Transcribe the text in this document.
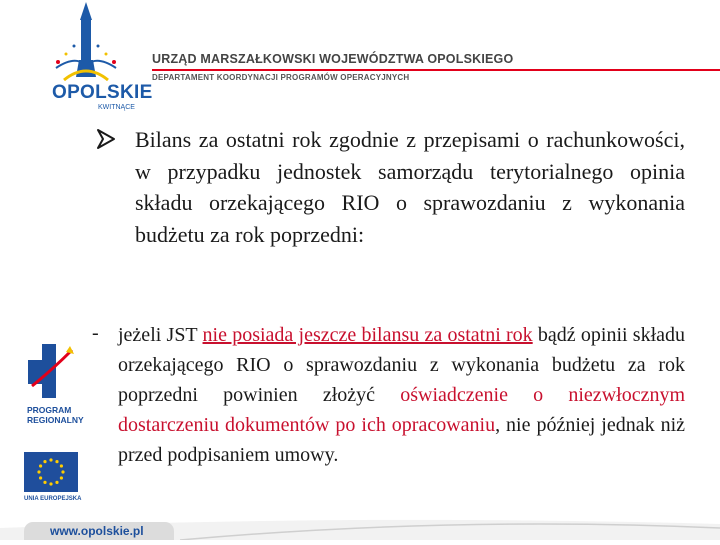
OPOLSKIE
KWITNĄCE
URZĄD MARSZAŁKOWSKI WOJEWÓDZTWA OPOLSKIEGO
DEPARTAMENT KOORDYNACJI PROGRAMÓW OPERACYJNYCH
Bilans za ostatni rok zgodnie z przepisami o rachunkowości, w przypadku jednostek samorządu terytorialnego opinia składu orzekającego RIO o sprawozdaniu z wykonania budżetu za rok poprzedni:
- jeżeli JST nie posiada jeszcze bilansu za ostatni rok bądź opinii składu orzekającego RIO o sprawozdaniu z wykonania budżetu za rok poprzedni powinien złożyć oświadczenie o niezwłocznym dostarczeniu dokumentów po ich opracowaniu, nie później jednak niż przed podpisaniem umowy.
PROGRAM
REGIONALNY
UNIA EUROPEJSKA
www.opolskie.pl
